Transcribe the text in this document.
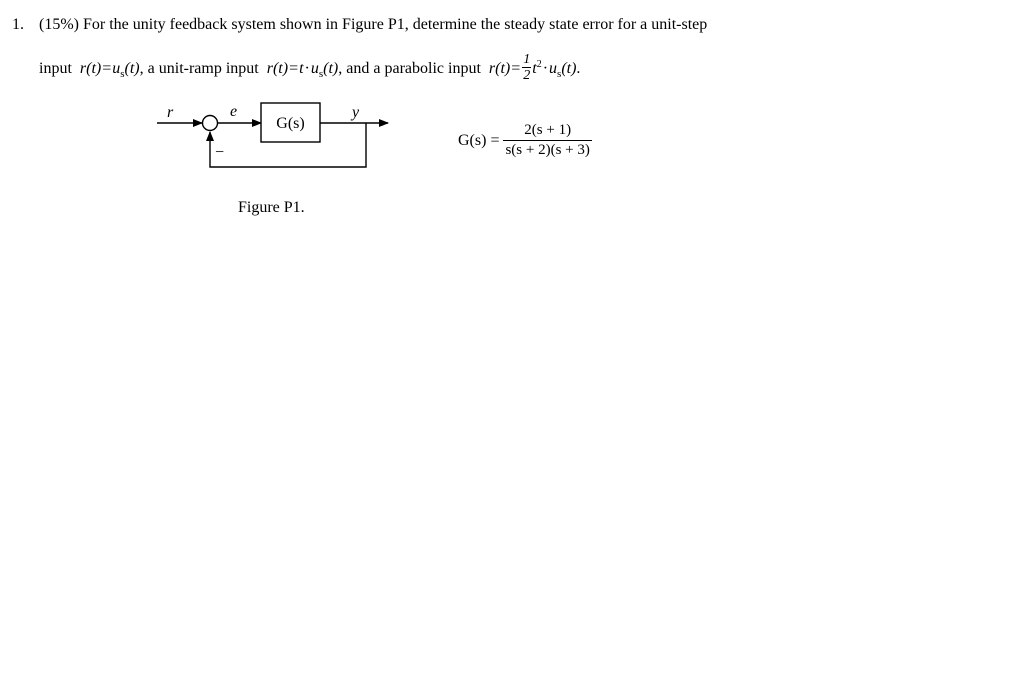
1. (15%) For the unity feedback system shown in Figure P1, determine the steady state error for a unit-step
input $r(t)=u_s(t)$, a unit-ramp input $r(t)=t\cdot u_s(t)$, and a parabolic input $r(t)= \frac{1}{2} t^2\cdot u_s(t)$.
r	e	y
G(s)
−
$G(s) = \frac{2(s + 1)}{s(s + 2)(s + 3)}$
Figure P1.
